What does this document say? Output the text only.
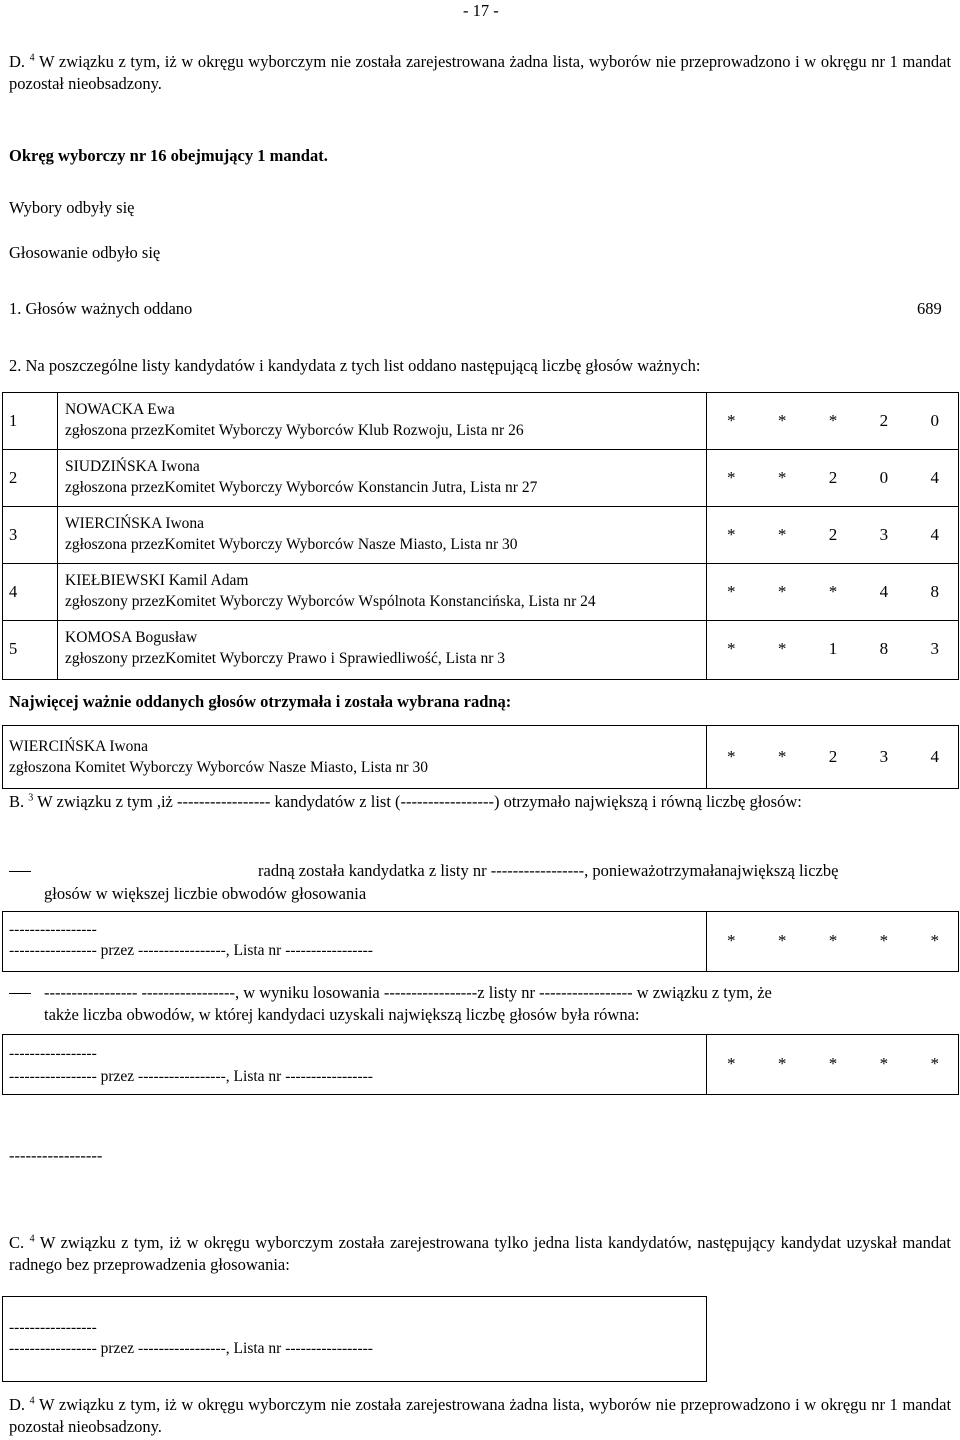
- 17 -
D. $^4$ W związku z tym, iż w okręgu wyborczym nie została zarejestrowana żadna lista, wyborów nie przeprowadzono i w okręgu nr 1 mandat pozostał nieobsadzony.
Okręg wyborczy nr 16 obejmujący 1 mandat.
Wybory odbyły się
Głosowanie odbyło się
1. Głosów ważnych oddano	689
2. Na poszczególne listy kandydatów i kandydata z tych list oddano następującą liczbę głosów ważnych:
1
NOWACKA Ewa
zgłoszona przezKomitet Wyborczy Wyborców Klub Rozwoju, Lista nr 26
* * * 2 0
2
SIUDZIŃSKA Iwona
zgłoszona przezKomitet Wyborczy Wyborców Konstancin Jutra, Lista nr 27
* * 2 0 4
3
WIERCIŃSKA Iwona
zgłoszona przezKomitet Wyborczy Wyborców Nasze Miasto, Lista nr 30
* * 2 3 4
4
KIEŁBIEWSKI Kamil Adam
zgłoszony przezKomitet Wyborczy Wyborców Wspólnota Konstancińska, Lista nr 24
* * * 4 8
5
KOMOSA Bogusław
zgłoszony przezKomitet Wyborczy Prawo i Sprawiedliwość, Lista nr 3
* * 1 8 3
Najwięcej ważnie oddanych głosów otrzymała i została wybrana radną:
WIERCIŃSKA Iwona
zgłoszona Komitet Wyborczy Wyborców Nasze Miasto, Lista nr 30
* * 2 3 4
B. $^3$ W związku z tym ,iż ----------------- kandydatów z list (-----------------) otrzymało największą i równą liczbę głosów:
radną została kandydatka z listy nr -----------------, ponieważotrzymałanajwiększą liczbę
głosów w większej liczbie obwodów głosowania
-----------------
----------------- przez -----------------, Lista nr -----------------
* * * * *
----------------- -----------------, w wyniku losowania -----------------z listy nr ----------------- w związku z tym, że
także liczba obwodów, w której kandydaci uzyskali największą liczbę głosów była równa:
-----------------
----------------- przez -----------------, Lista nr -----------------
* * * * *
-----------------
C. $^4$ W związku z tym, iż w okręgu wyborczym została zarejestrowana tylko jedna lista kandydatów, następujący kandydat uzyskał mandat radnego bez przeprowadzenia głosowania:
-----------------
----------------- przez -----------------, Lista nr -----------------
D. $^4$ W związku z tym, iż w okręgu wyborczym nie została zarejestrowana żadna lista, wyborów nie przeprowadzono i w okręgu nr 1 mandat pozostał nieobsadzony.
